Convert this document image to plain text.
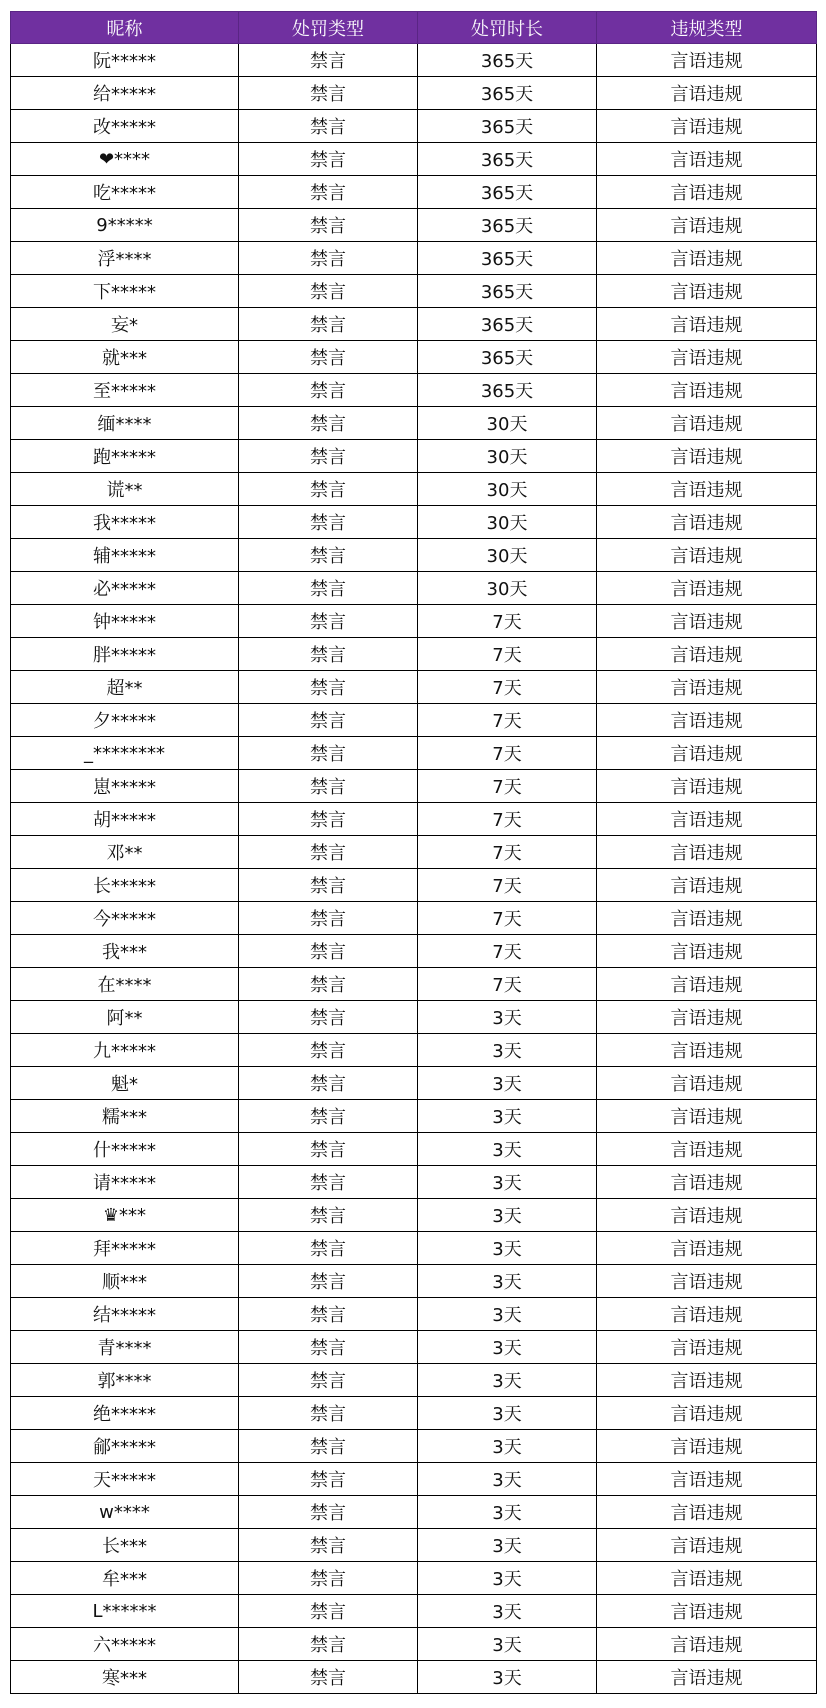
昵称	处罚类型	处罚时长	违规类型
阮*****	禁言	365天	言语违规
给*****	禁言	365天	言语违规
改*****	禁言	365天	言语违规
❤****	禁言	365天	言语违规
吃*****	禁言	365天	言语违规
9*****	禁言	365天	言语违规
浮****	禁言	365天	言语违规
下*****	禁言	365天	言语违规
妄*	禁言	365天	言语违规
就***	禁言	365天	言语违规
至*****	禁言	365天	言语违规
缅****	禁言	30天	言语违规
跑*****	禁言	30天	言语违规
谎**	禁言	30天	言语违规
我*****	禁言	30天	言语违规
辅*****	禁言	30天	言语违规
必*****	禁言	30天	言语违规
钟*****	禁言	7天	言语违规
胖*****	禁言	7天	言语违规
超**	禁言	7天	言语违规
夕*****	禁言	7天	言语违规
_********	禁言	7天	言语违规
崽*****	禁言	7天	言语违规
胡*****	禁言	7天	言语违规
邓**	禁言	7天	言语违规
长*****	禁言	7天	言语违规
今*****	禁言	7天	言语违规
我***	禁言	7天	言语违规
在****	禁言	7天	言语违规
阿**	禁言	3天	言语违规
九*****	禁言	3天	言语违规
魁*	禁言	3天	言语违规
糯***	禁言	3天	言语违规
什*****	禁言	3天	言语违规
请*****	禁言	3天	言语违规
♛***	禁言	3天	言语违规
拜*****	禁言	3天	言语违规
顺***	禁言	3天	言语违规
结*****	禁言	3天	言语违规
青****	禁言	3天	言语违规
郭****	禁言	3天	言语违规
绝*****	禁言	3天	言语违规
鄃*****	禁言	3天	言语违规
天*****	禁言	3天	言语违规
w****	禁言	3天	言语违规
长***	禁言	3天	言语违规
牟***	禁言	3天	言语违规
L******	禁言	3天	言语违规
六*****	禁言	3天	言语违规
寒***	禁言	3天	言语违规
